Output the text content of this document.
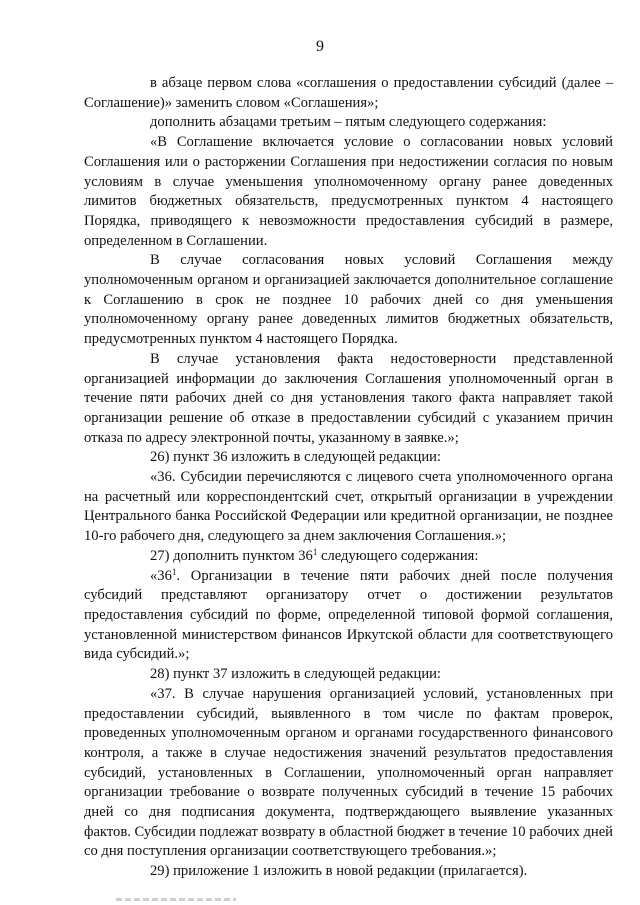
9

в абзаце первом слова «соглашения о предоставлении субсидий (далее – Соглашение)» заменить словом «Соглашения»;

дополнить абзацами третьим – пятым следующего содержания:

«В Соглашение включается условие о согласовании новых условий Соглашения или о расторжении Соглашения при недостижении согласия по новым условиям в случае уменьшения уполномоченному органу ранее доведенных лимитов бюджетных обязательств, предусмотренных пунктом 4 настоящего Порядка, приводящего к невозможности предоставления субсидий в размере, определенном в Соглашении.

В случае согласования новых условий Соглашения между уполномоченным органом и организацией заключается дополнительное соглашение к Соглашению в срок не позднее 10 рабочих дней со дня уменьшения уполномоченному органу ранее доведенных лимитов бюджетных обязательств, предусмотренных пунктом 4 настоящего Порядка.

В случае установления факта недостоверности представленной организацией информации до заключения Соглашения уполномоченный орган в течение пяти рабочих дней со дня установления такого факта направляет такой организации решение об отказе в предоставлении субсидий с указанием причин отказа по адресу электронной почты, указанному в заявке.»;

26) пункт 36 изложить в следующей редакции:

«36. Субсидии перечисляются с лицевого счета уполномоченного органа на расчетный или корреспондентский счет, открытый организации в учреждении Центрального банка Российской Федерации или кредитной организации, не позднее 10-го рабочего дня, следующего за днем заключения Соглашения.»;

27) дополнить пунктом $36^1$ следующего содержания:

«$36^1$. Организации в течение пяти рабочих дней после получения субсидий представляют организатору отчет о достижении результатов предоставления субсидий по форме, определенной типовой формой соглашения, установленной министерством финансов Иркутской области для соответствующего вида субсидий.»;

28) пункт 37 изложить в следующей редакции:

«37. В случае нарушения организацией условий, установленных при предоставлении субсидий, выявленного в том числе по фактам проверок, проведенных уполномоченным органом и органами государственного финансового контроля, а также в случае недостижения значений результатов предоставления субсидий, установленных в Соглашении, уполномоченный орган направляет организации требование о возврате полученных субсидий в течение 15 рабочих дней со дня подписания документа, подтверждающего выявление указанных фактов. Субсидии подлежат возврату в областной бюджет в течение 10 рабочих дней со дня поступления организации соответствующего требования.»;

29) приложение 1 изложить в новой редакции (прилагается).
